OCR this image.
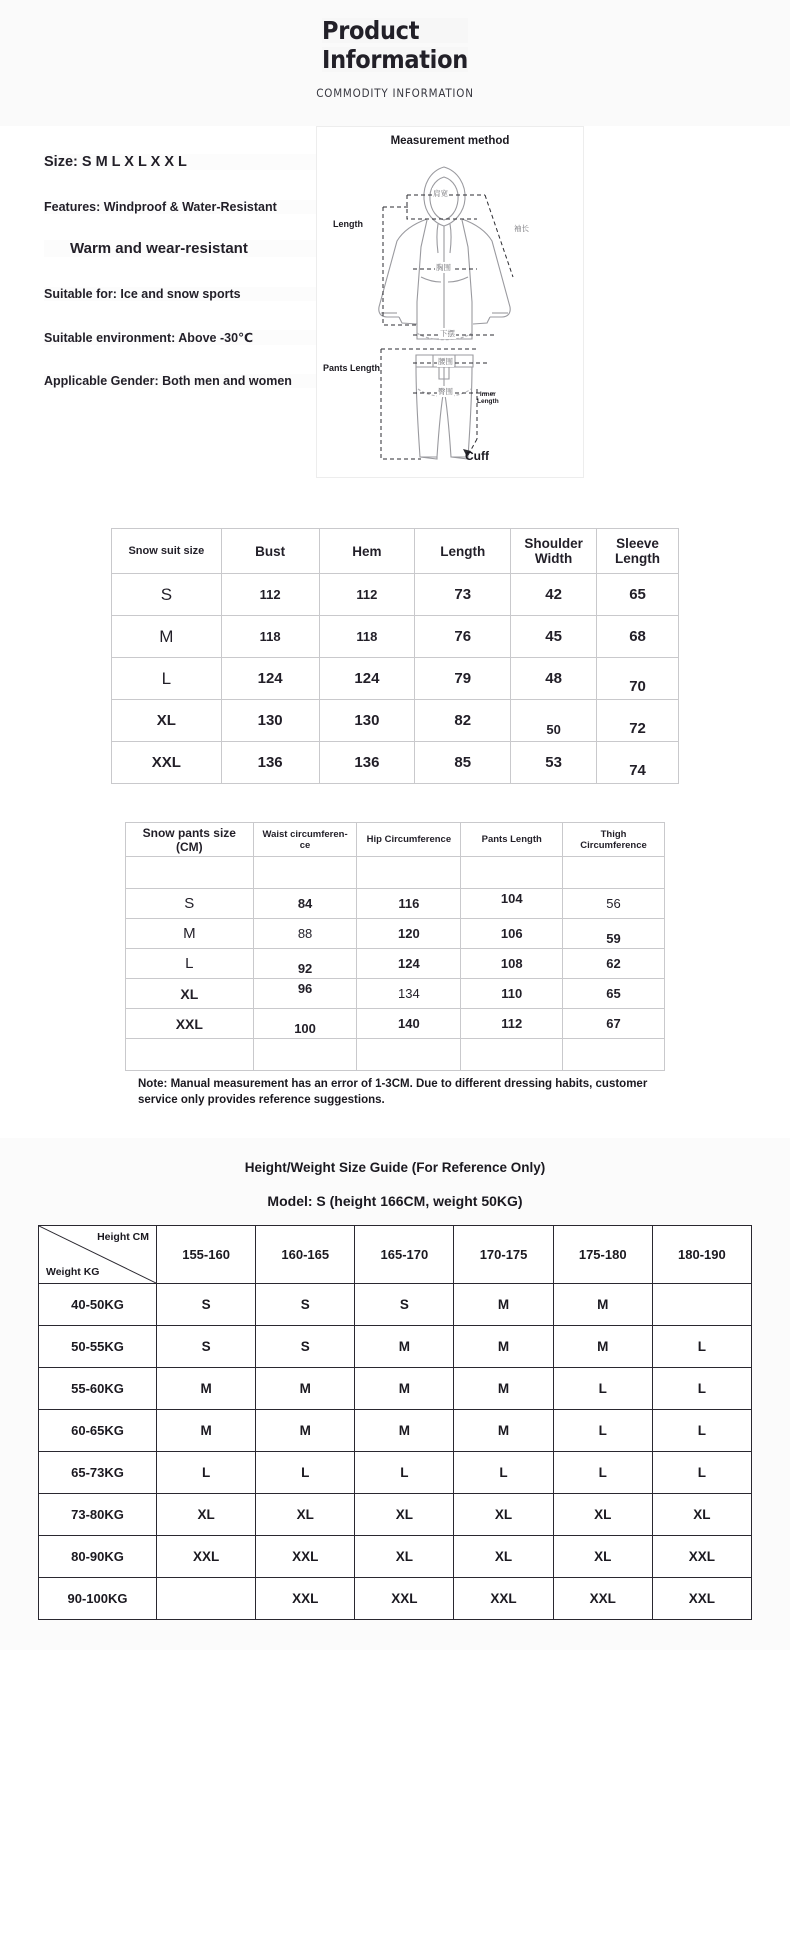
Product
Information
COMMODITY INFORMATION
Size: S M L X L X X L
Features: Windproof & Water-Resistant
Warm and wear-resistant
Suitable for: Ice and snow sports
Suitable environment: Above -30℃
Applicable Gender: Both men and women
Measurement method
Length
Pants Length
Inner
Length
Cuff
肩宽
袖长
胸围
下摆
腰围
臀围
Snow suit size	Bust	Hem	Length	Shoulder Width	Sleeve Length
S	112	112	73	42	65
M	118	118	76	45	68
L	124	124	79	48	70
XL	130	130	82	50	72
XXL	136	136	85	53	74
Snow pants size (CM)	Waist circumferen-ce	Hip Circumference	Pants Length	Thigh Circumference

S	84	116	104	56
M	88	120	106	59
L	92	124	108	62
XL	96	134	110	65
XXL	100	140	112	67

Note: Manual measurement has an error of 1-3CM. Due to different dressing habits, customer service only provides reference suggestions.
Height/Weight Size Guide (For Reference Only)
Model: S (height 166CM, weight 50KG)
Height CM
Weight KG	155-160	160-165	165-170	170-175	175-180	180-190
40-50KG	S	S	S	M	M	
50-55KG	S	S	M	M	M	L
55-60KG	M	M	M	M	L	L
60-65KG	M	M	M	M	L	L
65-73KG	L	L	L	L	L	L
73-80KG	XL	XL	XL	XL	XL	XL
80-90KG	XXL	XXL	XL	XL	XL	XXL
90-100KG		XXL	XXL	XXL	XXL	XXL
